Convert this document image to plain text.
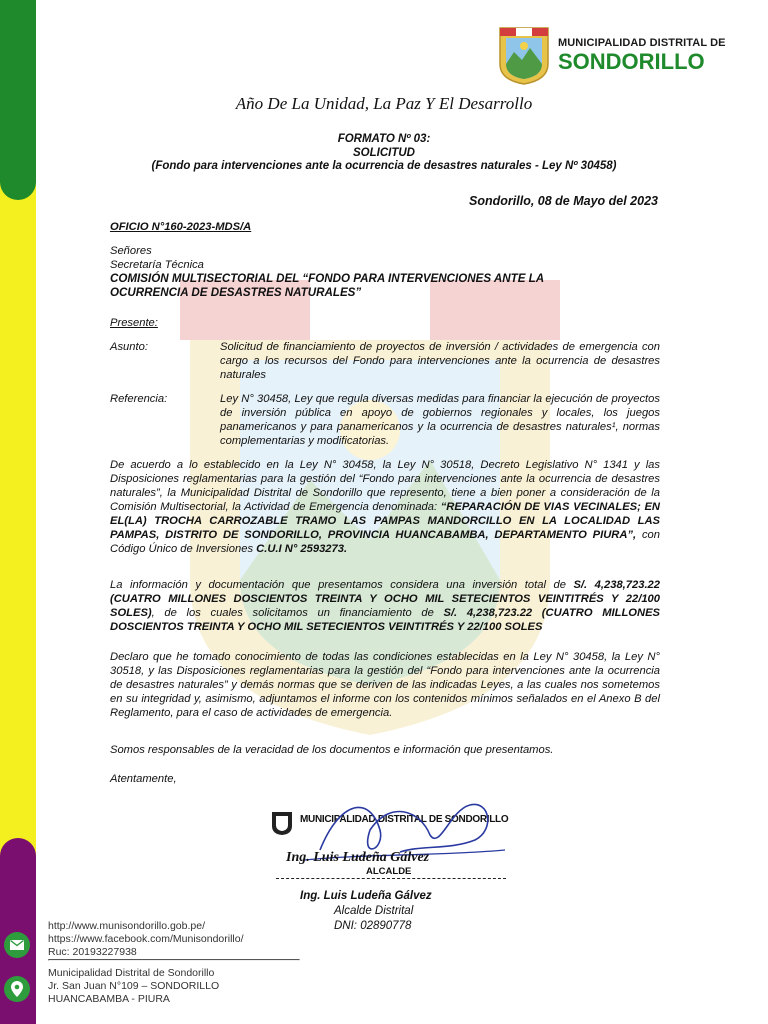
MUNICIPALIDAD DISTRITAL DE
SONDORILLO
Año De La Unidad, La Paz Y El Desarrollo
FORMATO Nº 03:
SOLICITUD
(Fondo para intervenciones ante la ocurrencia de desastres naturales - Ley Nº 30458)
Sondorillo, 08 de Mayo del 2023
OFICIO N°160-2023-MDS/A
Señores
Secretaría Técnica
COMISIÓN MULTISECTORIAL DEL “FONDO PARA INTERVENCIONES ANTE LA
OCURRENCIA DE DESASTRES NATURALES”
Presente:
Asunto:	Solicitud de financiamiento de proyectos de inversión / actividades de emergencia con cargo a los recursos del Fondo para intervenciones ante la ocurrencia de desastres naturales
Referencia:	Ley N° 30458, Ley que regula diversas medidas para financiar la ejecución de proyectos de inversión pública en apoyo de gobiernos regionales y locales, los juegos panamericanos y para panamericanos y la ocurrencia de desastres naturales¹, normas complementarias y modificatorias.
De acuerdo a lo establecido en la Ley N° 30458, la Ley N° 30518, Decreto Legislativo N° 1341 y las Disposiciones reglamentarias para la gestión del “Fondo para intervenciones ante la ocurrencia de desastres naturales”, la Municipalidad Distrital de Sondorillo que represento, tiene a bien poner a consideración de la Comisión Multisectorial, la Actividad de Emergencia denominada: “REPARACIÓN DE VIAS VECINALES; EN EL(LA) TROCHA CARROZABLE TRAMO LAS PAMPAS MANDORCILLO EN LA LOCALIDAD LAS PAMPAS, DISTRITO DE SONDORILLO, PROVINCIA HUANCABAMBA, DEPARTAMENTO PIURA”, con Código Único de Inversiones C.U.I N° 2593273.
La información y documentación que presentamos considera una inversión total de S/. 4,238,723.22 (CUATRO MILLONES DOSCIENTOS TREINTA Y OCHO MIL SETECIENTOS VEINTITRÉS Y 22/100 SOLES), de los cuales solicitamos un financiamiento de S/. 4,238,723.22 (CUATRO MILLONES DOSCIENTOS TREINTA Y OCHO MIL SETECIENTOS VEINTITRÉS Y 22/100 SOLES
Declaro que he tomado conocimiento de todas las condiciones establecidas en la Ley N° 30458, la Ley N° 30518, y las Disposiciones reglamentarias para la gestión del “Fondo para intervenciones ante la ocurrencia de desastres naturales” y demás normas que se deriven de las indicadas Leyes, a las cuales nos sometemos en su integridad y, asimismo, adjuntamos el informe con los contenidos mínimos señalados en el Anexo B del Reglamento, para el caso de actividades de emergencia.
Somos responsables de la veracidad de los documentos e información que presentamos.
Atentamente,
MUNICIPALIDAD DISTRITAL DE SONDORILLO
Ing. Luis Ludeña Gálvez
ALCALDE
Ing. Luis Ludeña Gálvez
Alcalde Distrital
DNI: 02890778
http://www.munisondorillo.gob.pe/
https://www.facebook.com/Munisondorillo/
Ruc: 20193227938
Municipalidad Distrital de Sondorillo
Jr. San Juan N°109 – SONDORILLO
HUANCABAMBA - PIURA
